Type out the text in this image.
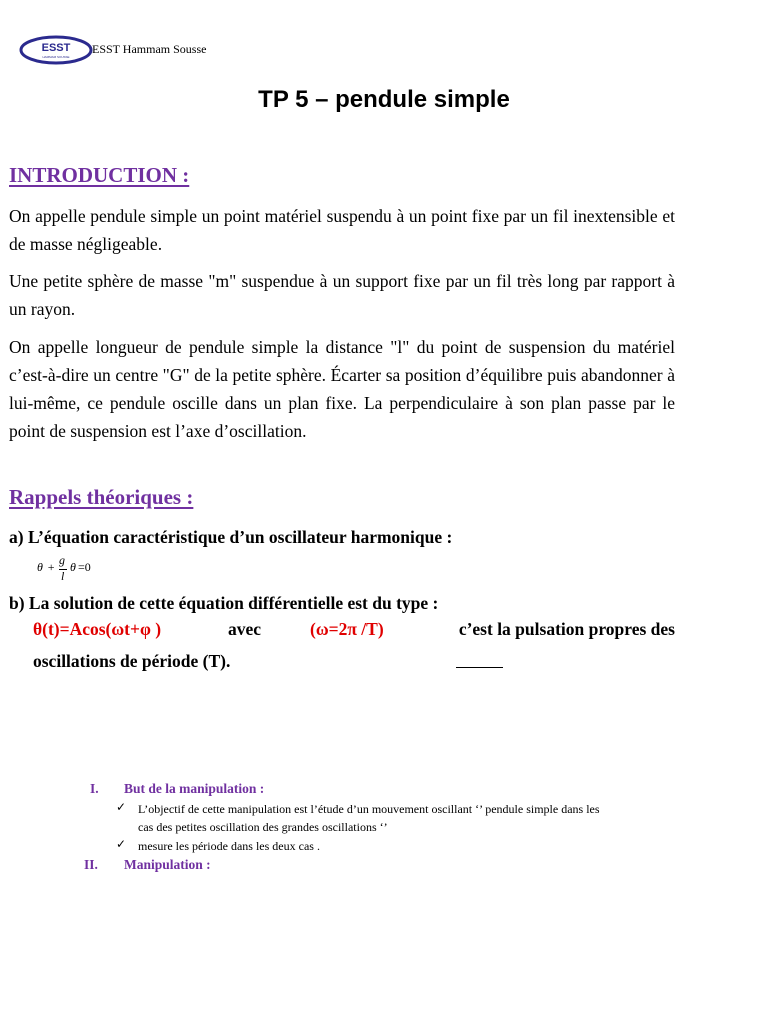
ESST
HAMMAM SOUSSE
ESST Hammam Sousse
TP 5 – pendule simple
INTRODUCTION :

On appelle pendule simple un point matériel suspendu à un point fixe par un fil inextensible et de masse négligeable.

Une petite sphère de masse "m" suspendue à un support fixe par un fil très long par rapport à un rayon.

On appelle longueur de pendule simple la distance "l" du point de suspension du matériel c’est-à-dire un centre "G" de la petite sphère. Écarter sa position d’équilibre puis abandonner à lui-même, ce pendule oscille dans un plan fixe. La perpendiculaire à son plan passe par le point de suspension est l’axe d’oscillation.

Rappels théoriques :
a) L’équation caractéristique d’un oscillateur harmonique :
θ + g
l
θ =0
b) La solution de cette équation différentielle est du type :
θ(t)=Acos(ωt+φ )	avec	(ω=2π /T)	c’est la pulsation propres des
oscillations de période (T).
I. But de la manipulation :
✓ L’objectif de cette manipulation est l’étude d’un mouvement oscillant ‘’ pendule simple dans les
cas des petites oscillation des grandes oscillations ‘’
✓ mesure les période dans les deux cas .
II. Manipulation :
